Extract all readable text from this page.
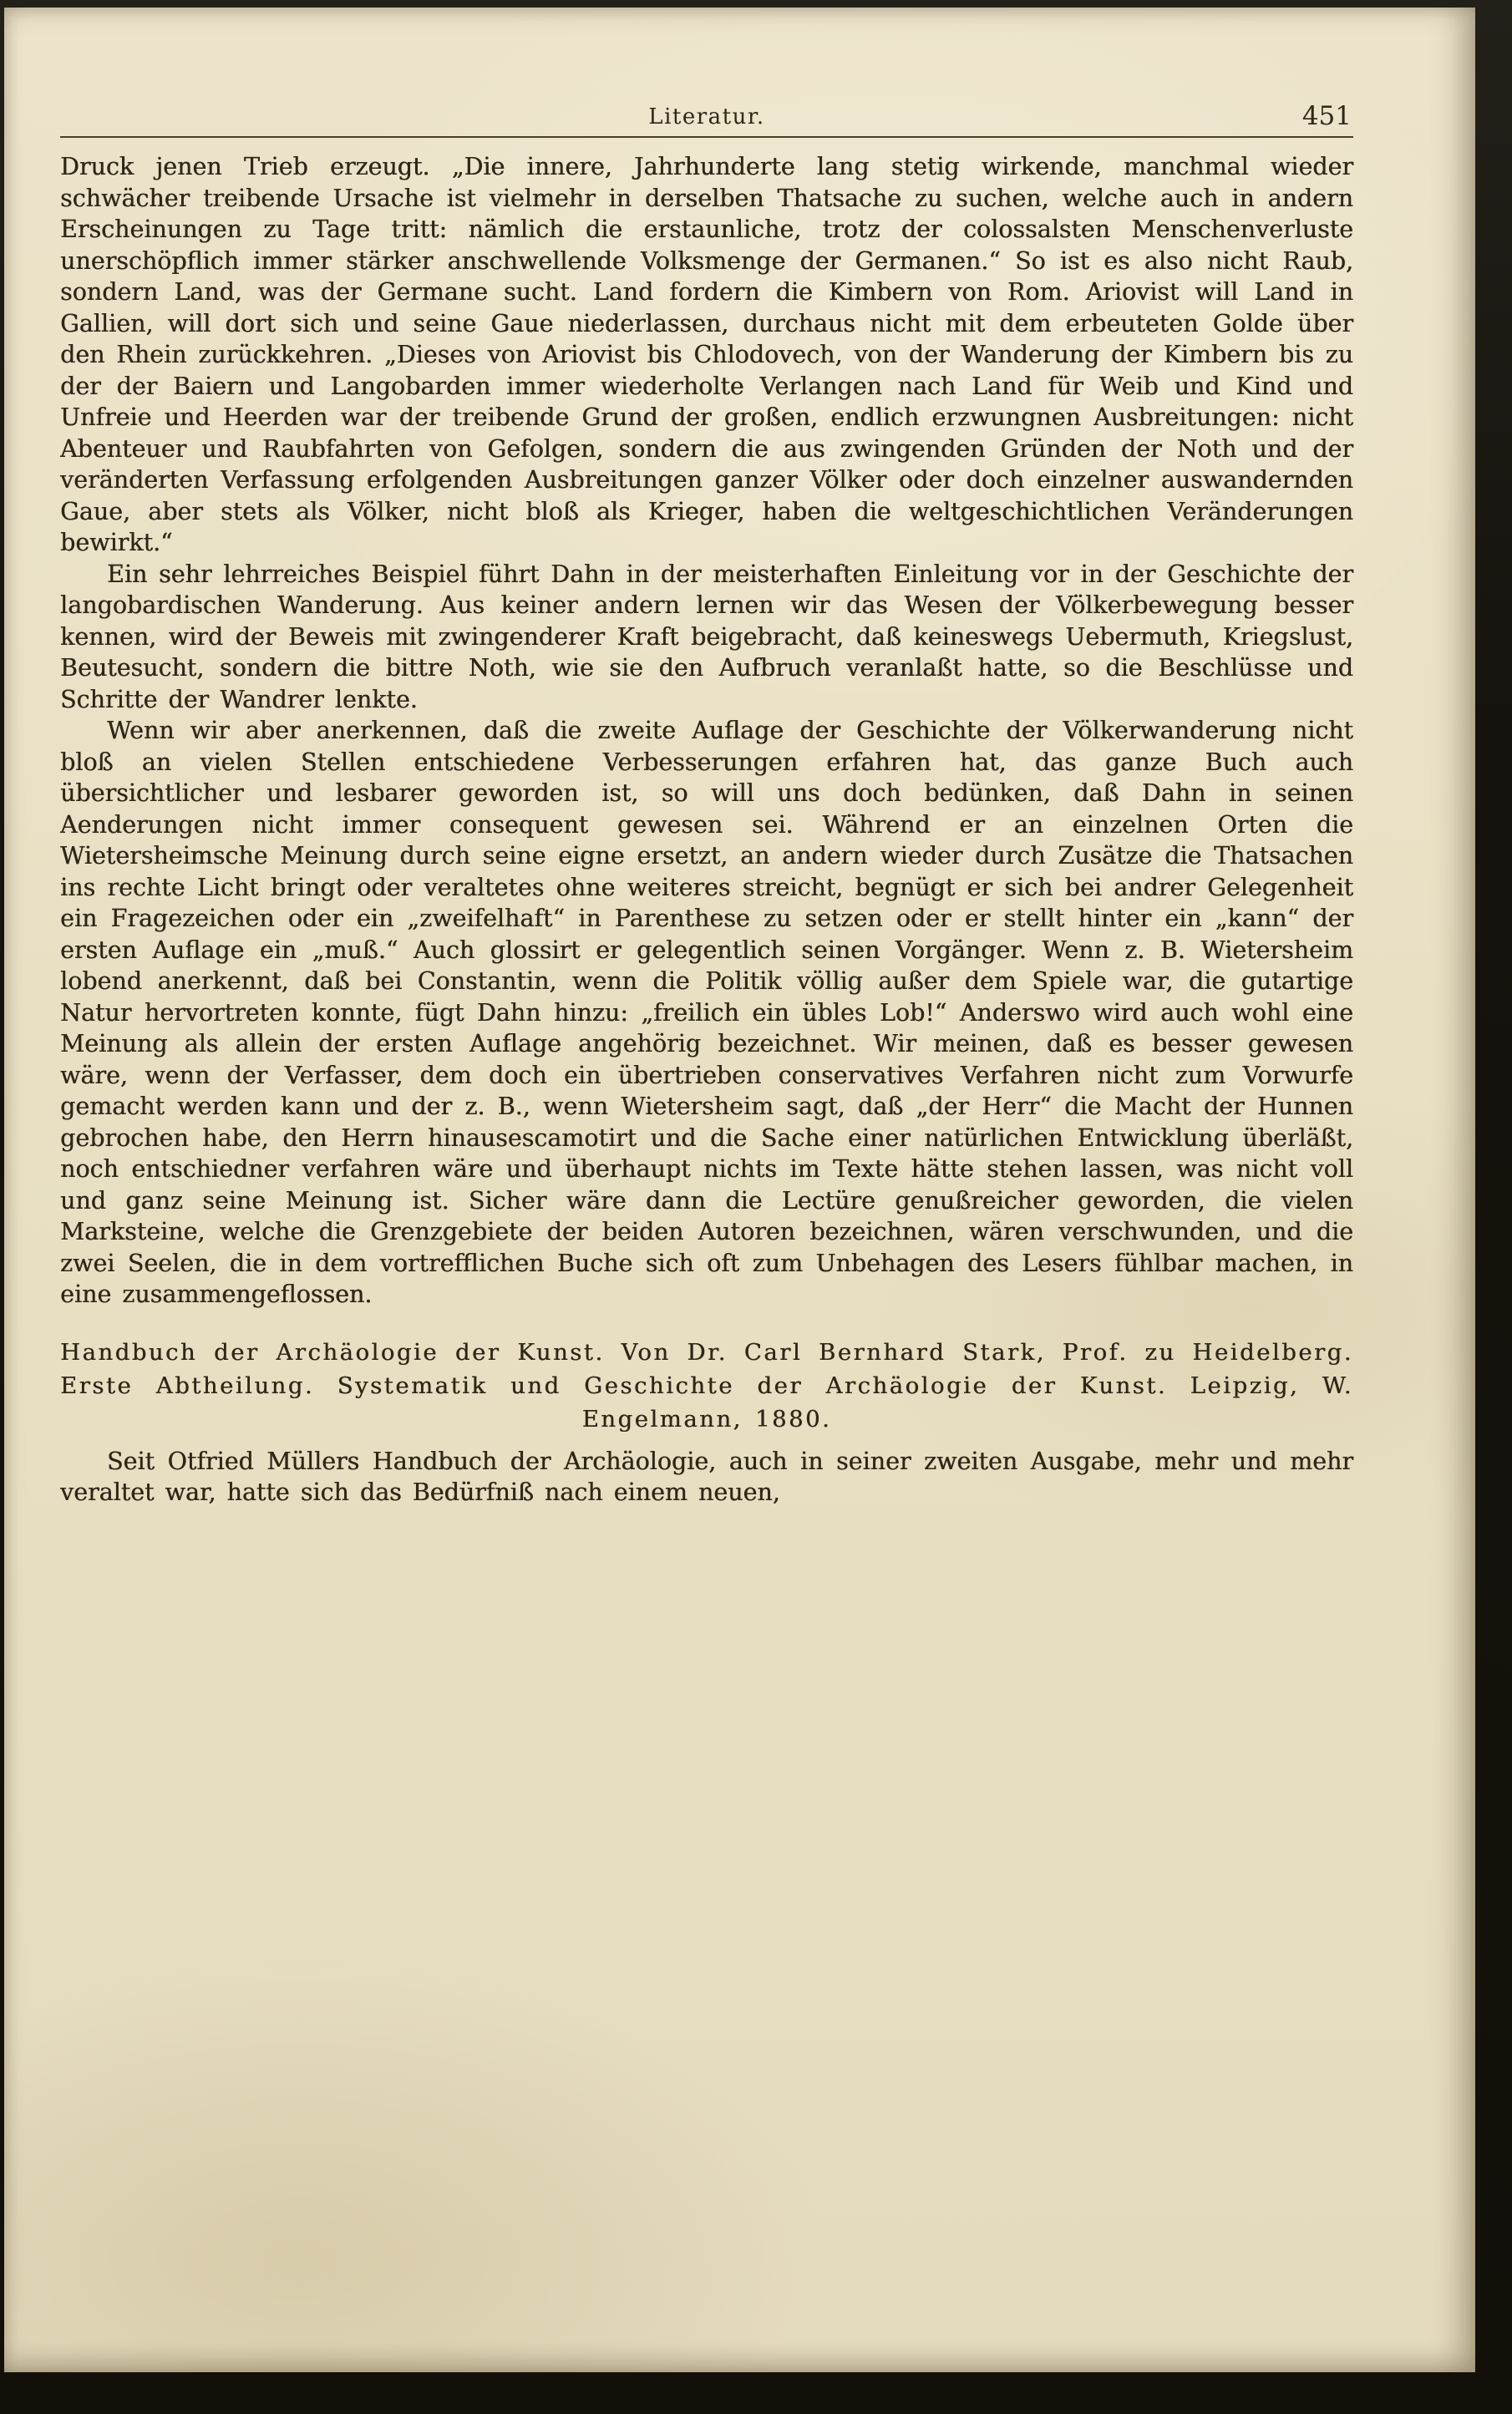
Literatur.	451

Druck jenen Trieb erzeugt. „Die innere, Jahrhunderte lang stetig wirkende, manchmal wieder schwächer treibende Ursache ist vielmehr in derselben Thatsache zu suchen, welche auch in andern Erscheinungen zu Tage tritt: nämlich die erstaunliche, trotz der colossalsten Menschenverluste unerschöpflich immer stärker anschwellende Volksmenge der Germanen.“ So ist es also nicht Raub, sondern Land, was der Germane sucht. Land fordern die Kimbern von Rom. Ariovist will Land in Gallien, will dort sich und seine Gaue niederlassen, durchaus nicht mit dem erbeuteten Golde über den Rhein zurückkehren. „Dieses von Ariovist bis Chlodovech, von der Wanderung der Kimbern bis zu der der Baiern und Langobarden immer wiederholte Verlangen nach Land für Weib und Kind und Unfreie und Heerden war der treibende Grund der großen, endlich erzwungnen Ausbreitungen: nicht Abenteuer und Raubfahrten von Gefolgen, sondern die aus zwingenden Gründen der Noth und der veränderten Verfassung erfolgenden Ausbreitungen ganzer Völker oder doch einzelner auswandernden Gaue, aber stets als Völker, nicht bloß als Krieger, haben die weltgeschichtlichen Veränderungen bewirkt.“

Ein sehr lehrreiches Beispiel führt Dahn in der meisterhaften Einleitung vor in der Geschichte der langobardischen Wanderung. Aus keiner andern lernen wir das Wesen der Völkerbewegung besser kennen, wird der Beweis mit zwingenderer Kraft beigebracht, daß keineswegs Uebermuth, Kriegslust, Beutesucht, sondern die bittre Noth, wie sie den Aufbruch veranlaßt hatte, so die Beschlüsse und Schritte der Wandrer lenkte.

Wenn wir aber anerkennen, daß die zweite Auflage der Geschichte der Völkerwanderung nicht bloß an vielen Stellen entschiedene Verbesserungen erfahren hat, das ganze Buch auch übersichtlicher und lesbarer geworden ist, so will uns doch bedünken, daß Dahn in seinen Aenderungen nicht immer consequent gewesen sei. Während er an einzelnen Orten die Wietersheimsche Meinung durch seine eigne ersetzt, an andern wieder durch Zusätze die Thatsachen ins rechte Licht bringt oder veraltetes ohne weiteres streicht, begnügt er sich bei andrer Gelegenheit ein Fragezeichen oder ein „zweifelhaft“ in Parenthese zu setzen oder er stellt hinter ein „kann“ der ersten Auflage ein „muß.“ Auch glossirt er gelegentlich seinen Vorgänger. Wenn z. B. Wietersheim lobend anerkennt, daß bei Constantin, wenn die Politik völlig außer dem Spiele war, die gutartige Natur hervortreten konnte, fügt Dahn hinzu: „freilich ein übles Lob!“ Anderswo wird auch wohl eine Meinung als allein der ersten Auflage angehörig bezeichnet. Wir meinen, daß es besser gewesen wäre, wenn der Verfasser, dem doch ein übertrieben conservatives Verfahren nicht zum Vorwurfe gemacht werden kann und der z. B., wenn Wietersheim sagt, daß „der Herr“ die Macht der Hunnen gebrochen habe, den Herrn hinausescamotirt und die Sache einer natürlichen Entwicklung überläßt, noch entschiedner verfahren wäre und überhaupt nichts im Texte hätte stehen lassen, was nicht voll und ganz seine Meinung ist. Sicher wäre dann die Lectüre genußreicher geworden, die vielen Marksteine, welche die Grenzgebiete der beiden Autoren bezeichnen, wären verschwunden, und die zwei Seelen, die in dem vortrefflichen Buche sich oft zum Unbehagen des Lesers fühlbar machen, in eine zusammengeflossen.

Handbuch der Archäologie der Kunst. Von Dr. Carl Bernhard Stark, Prof. zu Heidelberg. Erste Abtheilung. Systematik und Geschichte der Archäologie der Kunst. Leipzig, W. Engelmann, 1880.

Seit Otfried Müllers Handbuch der Archäologie, auch in seiner zweiten Ausgabe, mehr und mehr veraltet war, hatte sich das Bedürfniß nach einem neuen,
